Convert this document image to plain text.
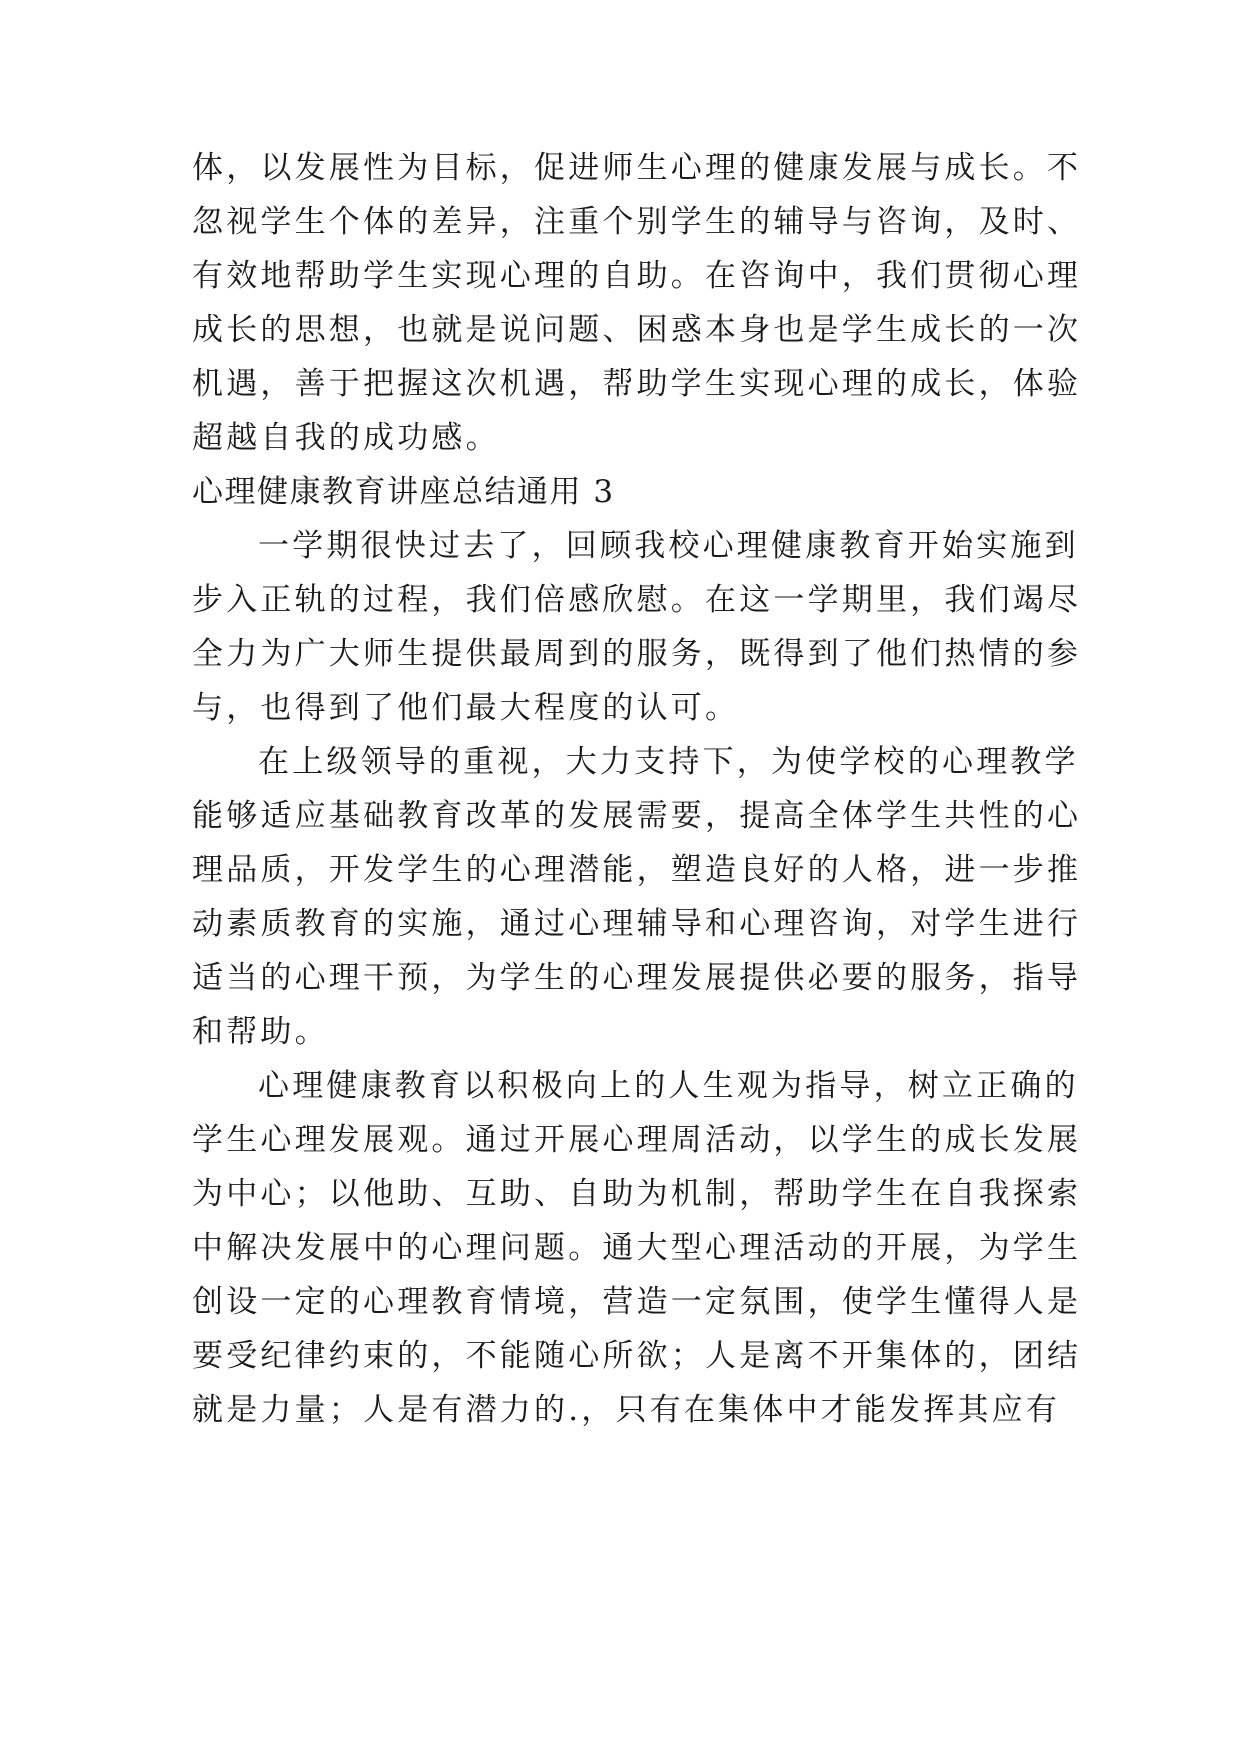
体，以发展性为目标，促进师生心理的健康发展与成长。不
忽视学生个体的差异，注重个别学生的辅导与咨询，及时、
有效地帮助学生实现心理的自助。在咨询中，我们贯彻心理
成长的思想，也就是说问题、困惑本身也是学生成长的一次
机遇，善于把握这次机遇，帮助学生实现心理的成长，体验
超越自我的成功感。
心理健康教育讲座总结通用 3
一学期很快过去了，回顾我校心理健康教育开始实施到
步入正轨的过程，我们倍感欣慰。在这一学期里，我们竭尽
全力为广大师生提供最周到的服务，既得到了他们热情的参
与，也得到了他们最大程度的认可。
在上级领导的重视，大力支持下，为使学校的心理教学
能够适应基础教育改革的发展需要，提高全体学生共性的心
理品质，开发学生的心理潜能，塑造良好的人格，进一步推
动素质教育的实施，通过心理辅导和心理咨询，对学生进行
适当的心理干预，为学生的心理发展提供必要的服务，指导
和帮助。
心理健康教育以积极向上的人生观为指导，树立正确的
学生心理发展观。通过开展心理周活动，以学生的成长发展
为中心；以他助、互助、自助为机制，帮助学生在自我探索
中解决发展中的心理问题。通大型心理活动的开展，为学生
创设一定的心理教育情境，营造一定氛围，使学生懂得人是
要受纪律约束的，不能随心所欲；人是离不开集体的，团结
就是力量；人是有潜力的.，只有在集体中才能发挥其应有
